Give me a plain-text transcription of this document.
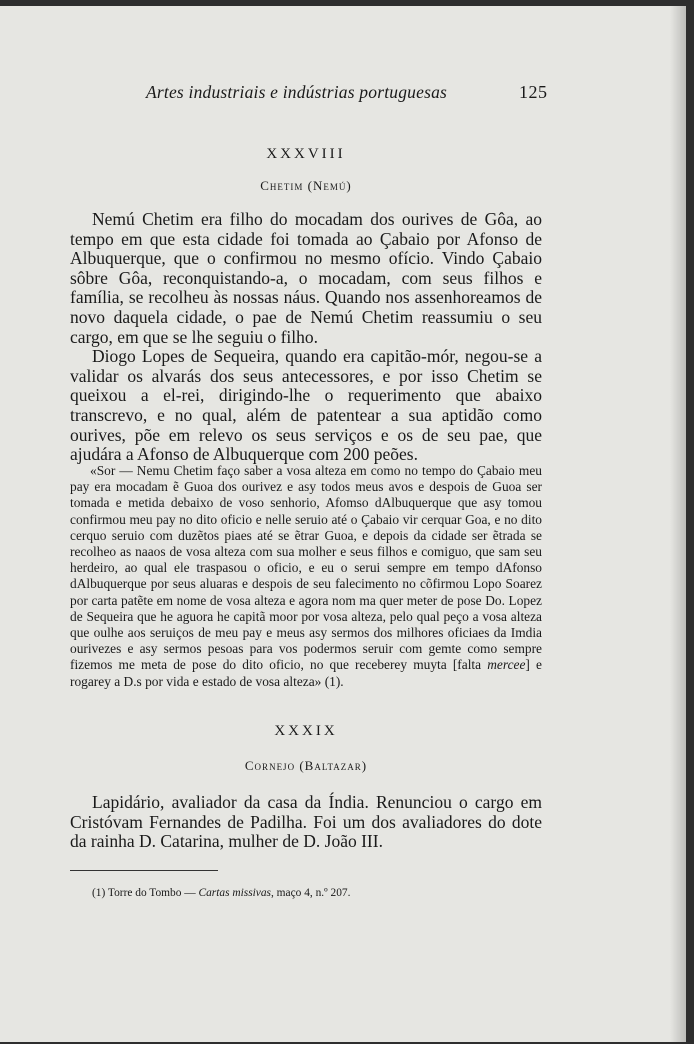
Artes industriais e indústrias portuguesas	125
XXXVIII
Chetim (Nemú)

Nemú Chetim era filho do mocadam dos ourives de Gôa, ao tempo em que esta cidade foi tomada ao Çabaio por Afonso de Albuquerque, que o confirmou no mesmo ofício. Vindo Çabaio sôbre Gôa, reconquistando-a, o mocadam, com seus filhos e família, se recolheu às nossas náus. Quando nos assenhoreamos de novo daquela cidade, o pae de Nemú Chetim reassumiu o seu cargo, em que se lhe seguiu o filho.

Diogo Lopes de Sequeira, quando era capitão-mór, negou-se a validar os alvarás dos seus antecessores, e por isso Chetim se queixou a el-rei, dirigindo-lhe o requerimento que abaixo transcrevo, e no qual, além de patentear a sua aptidão como ourives, põe em relevo os seus serviços e os de seu pae, que ajudára a Afonso de Albuquerque com 200 peões.

«Sor — Nemu Chetim faço saber a vosa alteza em como no tempo do Çabaio meu pay era mocadam ẽ Guoa dos ourivez e asy todos meus avos e despois de Guoa ser tomada e metida debaixo de voso senhorio, Afomso dAlbuquerque que asy tomou confirmou meu pay no dito oficio e nelle seruio até o Çabaio vir cerquar Goa, e no dito cerquo seruio com duzẽtos piaes até se ẽtrar Guoa, e depois da cidade ser ẽtrada se recolheo as naaos de vosa alteza com sua molher e seus filhos e comiguo, que sam seu herdeiro, ao qual ele traspasou o oficio, e eu o serui sempre em tempo dAfonso dAlbuquerque por seus aluaras e despois de seu falecimento no cõfirmou Lopo Soarez por carta patẽte em nome de vosa alteza e agora nom ma quer meter de pose Do. Lopez de Sequeira que he aguora he capitã moor por vosa alteza, pelo qual peço a vosa alteza que oulhe aos seruiços de meu pay e meus asy sermos dos milhores oficiaes da Imdia ourivezes e asy sermos pesoas para vos podermos seruir com gemte como sempre fizemos me meta de pose do dito oficio, no que receberey muyta [falta mercee] e rogarey a D.s por vida e estado de vosa alteza» (1).

XXXIX
Cornejo (Baltazar)

Lapidário, avaliador da casa da Índia. Renunciou o cargo em Cristóvam Fernandes de Padilha. Foi um dos avaliadores do dote da rainha D. Catarina, mulher de D. João III.

(1) Torre do Tombo — Cartas missivas, maço 4, n.º 207.
